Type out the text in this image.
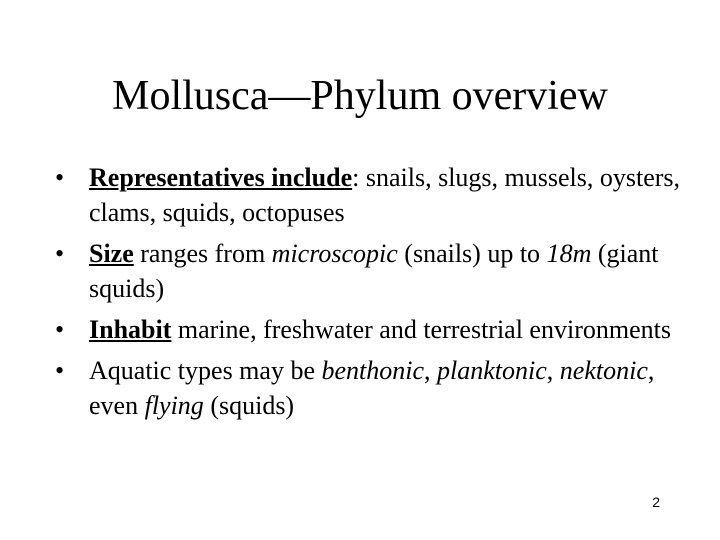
Mollusca—Phylum overview
• Representatives include: snails, slugs, mussels, oysters, clams, squids, octopuses
• Size ranges from microscopic (snails) up to 18m (giant squids)
• Inhabit marine, freshwater and terrestrial environments
• Aquatic types may be benthonic, planktonic, nektonic, even flying (squids)
2
